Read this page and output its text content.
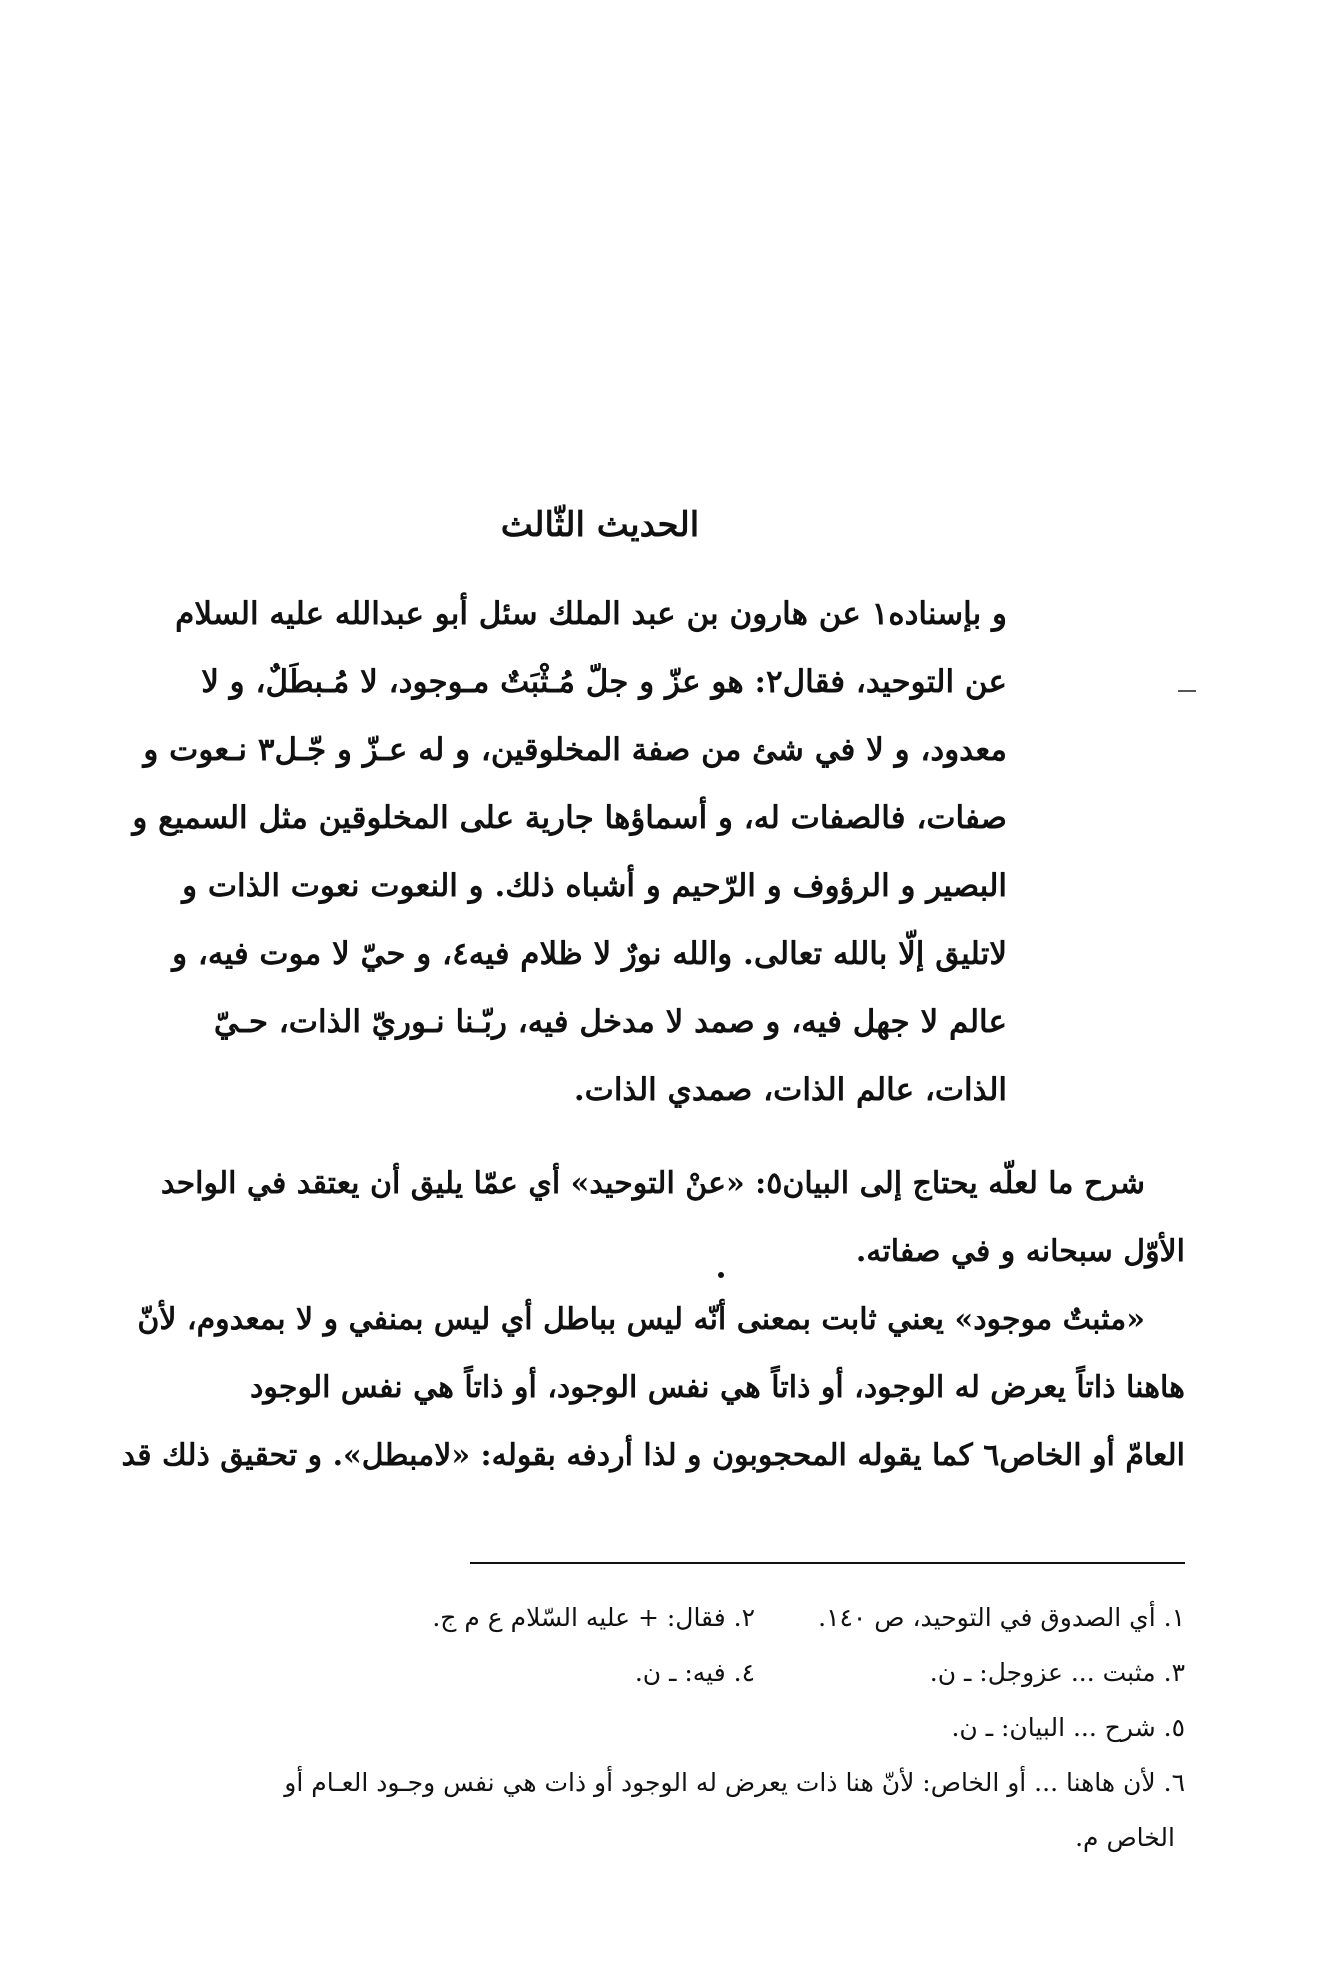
الحديث الثّالث
و بإسناده١ عن هارون بن عبد الملك سئل أبو عبدالله عليه السلام
عن التوحيد، فقال٢: هو عزّ و جلّ مُـثْبَتٌ مـوجود، لا مُـبطَلٌ، و لا
معدود، و لا في شئ من صفة المخلوقين، و له عـزّ و جّـل٣ نـعوت و
صفات، فالصفات له، و أسماؤها جارية على المخلوقين مثل السميع و
البصير و الرؤوف و الرّحيم و أشباه ذلك. و النعوت نعوت الذات و
لاتليق إلّا بالله تعالى. والله نورٌ لا ظلام فيه٤، و حيّ لا موت فيه، و
عالم لا جهل فيه، و صمد لا مدخل فيه، ربّـنا نـوريّ الذات، حـيّ
الذات، عالم الذات، صمدي الذات.
شرح ما لعلّه يحتاج إلى البيان٥: «عنْ التوحيد» أي عمّا يليق أن يعتقد في الواحد
الأوّل سبحانه و في صفاته.
«مثبتٌ موجود» يعني ثابت بمعنى أنّه ليس بباطل أي ليس بمنفي و لا بمعدوم، لأنّ
هاهنا ذاتاً يعرض له الوجود، أو ذاتاً هي نفس الوجود، أو ذاتاً هي نفس الوجود
العامّ أو الخاص٦ كما يقوله المحجوبون و لذا أردفه بقوله: «لامبطل». و تحقيق ذلك قد
١. أي الصدوق في التوحيد، ص ١٤٠.
٢. فقال: + عليه السّلام ع م ج.
٣. مثبت ... عزوجل: ـ ن.
٤. فيه: ـ ن.
٥. شرح ... البيان: ـ ن.
٦. لأن هاهنا ... أو الخاص: لأنّ هنا ذات يعرض له الوجود أو ذات هي نفس وجـود العـام أو
الخاص م.
